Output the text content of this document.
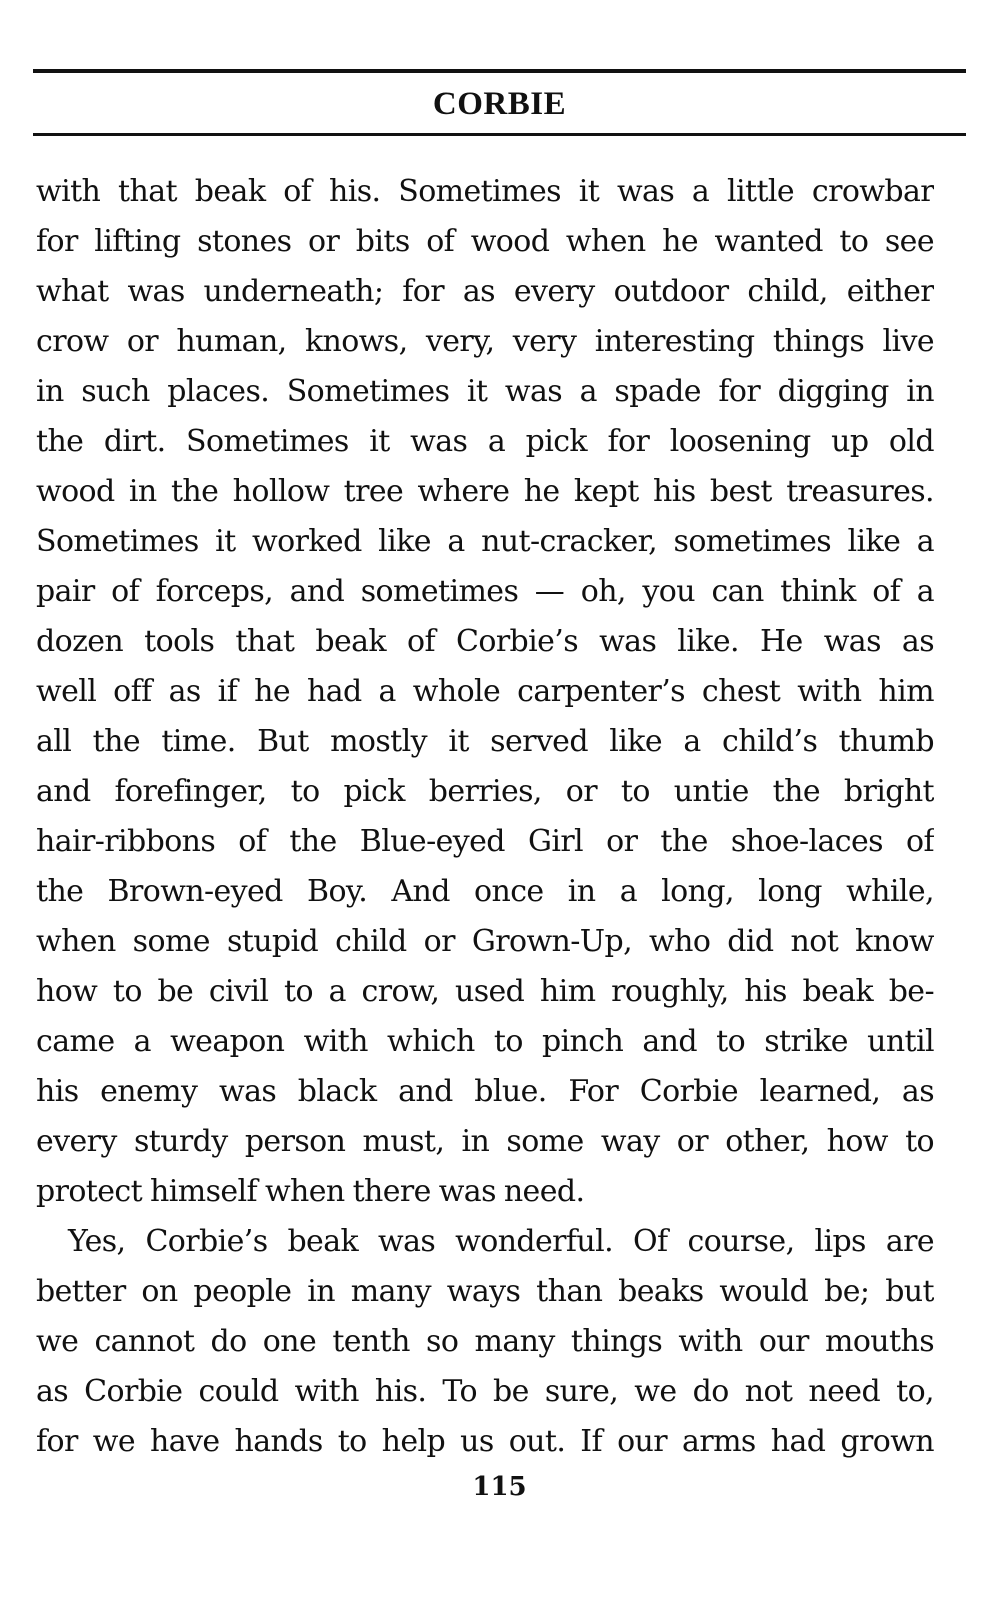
CORBIE
with that beak of his. Sometimes it was a little crowbar
for lifting stones or bits of wood when he wanted to see
what was underneath; for as every outdoor child, either
crow or human, knows, very, very interesting things live
in such places. Sometimes it was a spade for digging in
the dirt. Sometimes it was a pick for loosening up old
wood in the hollow tree where he kept his best treasures.
Sometimes it worked like a nut-cracker, sometimes like a
pair of forceps, and sometimes — oh, you can think of a
dozen tools that beak of Corbie’s was like. He was as
well off as if he had a whole carpenter’s chest with him
all the time. But mostly it served like a child’s thumb
and forefinger, to pick berries, or to untie the bright
hair-ribbons of the Blue-eyed Girl or the shoe-laces of
the Brown-eyed Boy. And once in a long, long while,
when some stupid child or Grown-Up, who did not know
how to be civil to a crow, used him roughly, his beak be-
came a weapon with which to pinch and to strike until
his enemy was black and blue. For Corbie learned, as
every sturdy person must, in some way or other, how to
protect himself when there was need.
Yes, Corbie’s beak was wonderful. Of course, lips are
better on people in many ways than beaks would be; but
we cannot do one tenth so many things with our mouths
as Corbie could with his. To be sure, we do not need to,
for we have hands to help us out. If our arms had grown
115
